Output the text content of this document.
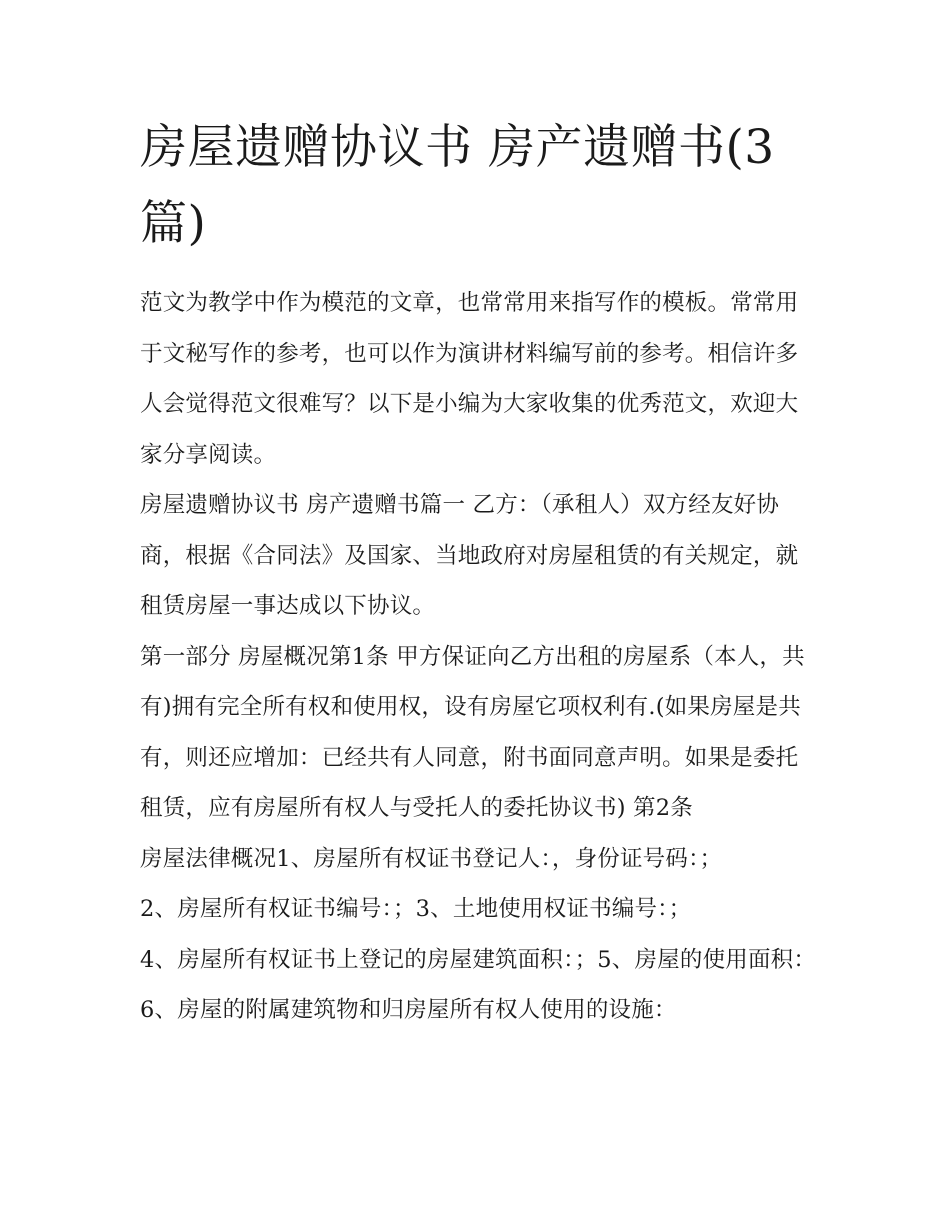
房屋遗赠协议书 房产遗赠书(3篇)

范文为教学中作为模范的文章，也常常用来指写作的模板。常常用于文秘写作的参考，也可以作为演讲材料编写前的参考。相信许多人会觉得范文很难写？以下是小编为大家收集的优秀范文，欢迎大家分享阅读。

房屋遗赠协议书 房产遗赠书篇一 乙方：（承租人）双方经友好协商，根据《合同法》及国家、当地政府对房屋租赁的有关规定，就租赁房屋一事达成以下协议。

第一部分 房屋概况第1条 甲方保证向乙方出租的房屋系（本人，共有)拥有完全所有权和使用权，设有房屋它项权利有.(如果房屋是共有，则还应增加：已经共有人同意，附书面同意声明。如果是委托租赁，应有房屋所有权人与受托人的委托协议书) 第2条

房屋法律概况1、房屋所有权证书登记人：，身份证号码：；

2、房屋所有权证书编号：；3、土地使用权证书编号：；

4、房屋所有权证书上登记的房屋建筑面积：；5、房屋的使用面积： 6、房屋的附属建筑物和归房屋所有权人使用的设施：
